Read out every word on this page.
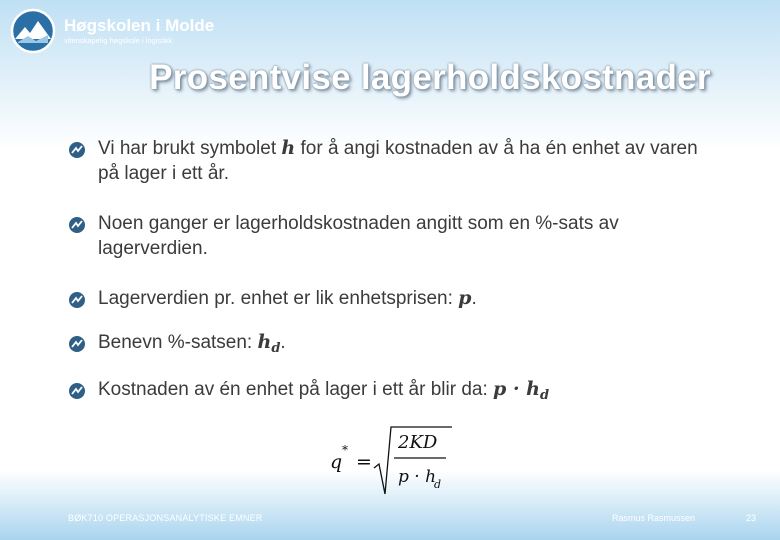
Høgskolen i Molde
vitenskapelig høgskole i logistikk
Prosentvise lagerholdskostnader
Vi har brukt symbolet h for å angi kostnaden av å ha én enhet av varen på lager i ett år.
Noen ganger er lagerholdskostnaden angitt som en %-sats av lagerverdien.
Lagerverdien pr. enhet er lik enhetsprisen: p.
Benevn %-satsen: $h_d$.
Kostnaden av én enhet på lager i ett år blir da: $p \cdot h_d$
q
*
=
2KD
p · h
d
BØK710 OPERASJONSANALYTISKE EMNER	Rasmus Rasmussen	23
